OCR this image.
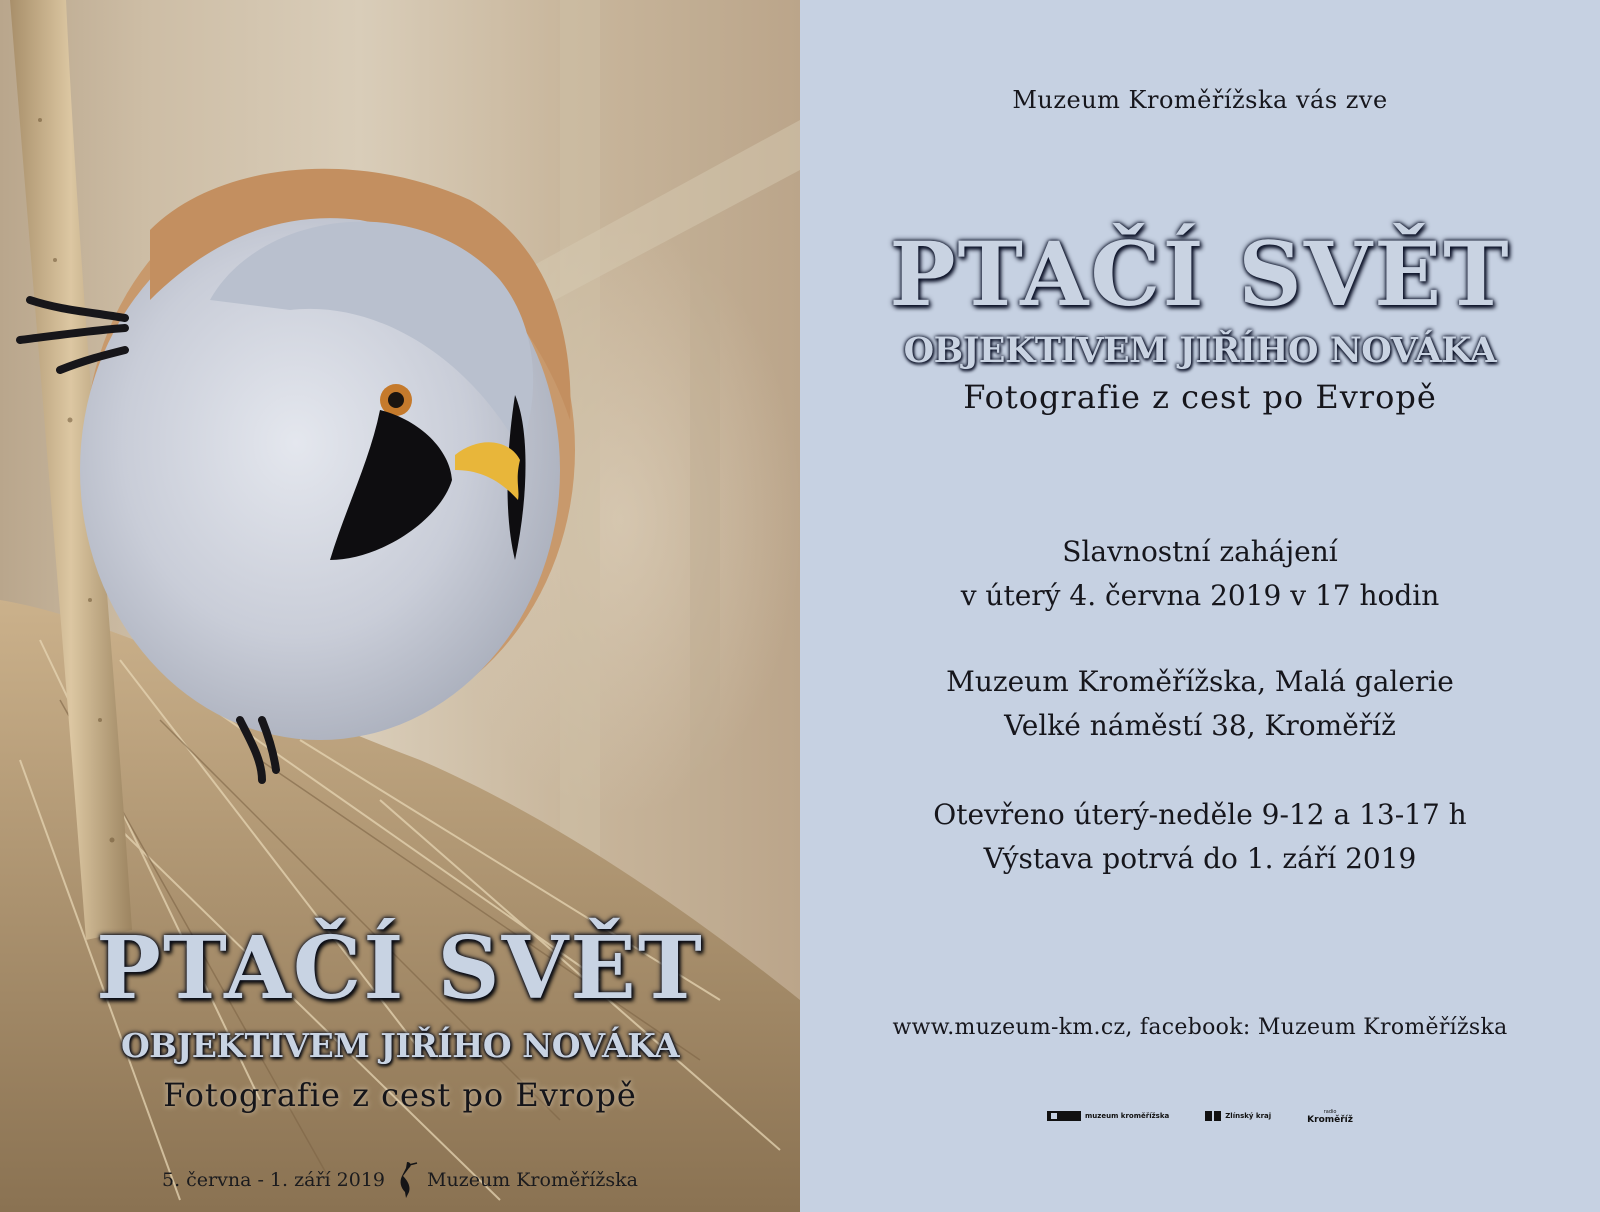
PTAČÍ SVĚT
OBJEKTIVEM JIŘÍHO NOVÁKA
Fotografie z cest po Evropě
5. června - 1. září 2019 Muzeum Kroměřížska
Muzeum Kroměřížska vás zve
PTAČÍ SVĚT
OBJEKTIVEM JIŘÍHO NOVÁKA
Fotografie z cest po Evropě
Slavnostní zahájení
v úterý 4. června 2019 v 17 hodin
Muzeum Kroměřížska, Malá galerie
Velké náměstí 38, Kroměříž
Otevřeno úterý-neděle 9-12 a 13-17 h
Výstava potrvá do 1. září 2019
www.muzeum-km.cz, facebook: Muzeum Kroměřížska
muzeum kroměřížska	Zlínský kraj	radio
Kroměříž
